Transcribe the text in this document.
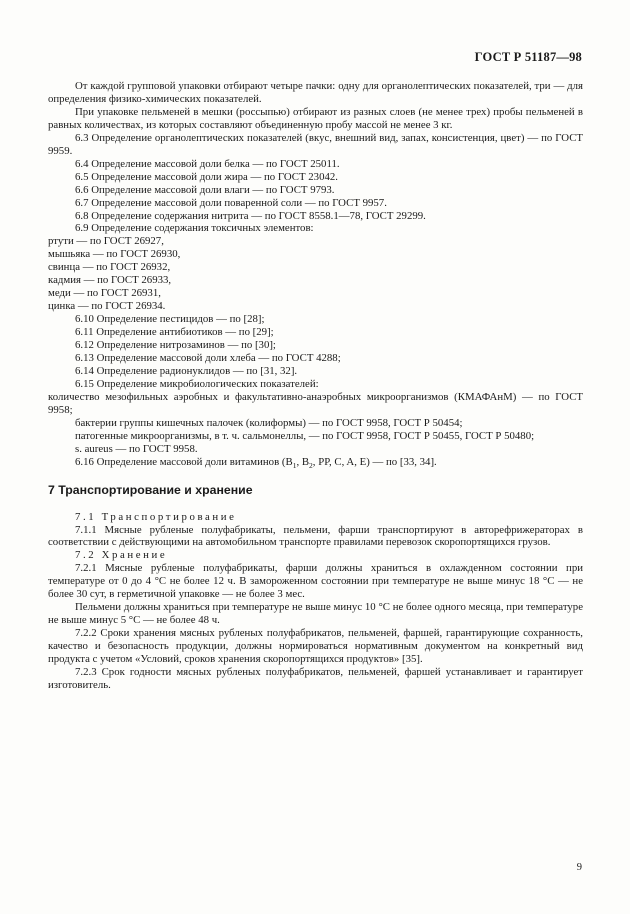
ГОСТ Р 51187—98

От каждой групповой упаковки отбирают четыре пачки: одну для органолептических показателей, три — для определения физико-химических показателей.

При упаковке пельменей в мешки (россыпью) отбирают из разных слоев (не менее трех) пробы пельменей в равных количествах, из которых составляют объединенную пробу массой не менее 3 кг.

6.3 Определение органолептических показателей (вкус, внешний вид, запах, консистенция, цвет) — по ГОСТ 9959.

6.4 Определение массовой доли белка — по ГОСТ 25011.

6.5 Определение массовой доли жира — по ГОСТ 23042.

6.6 Определение массовой доли влаги — по ГОСТ 9793.

6.7 Определение массовой доли поваренной соли — по ГОСТ 9957.

6.8 Определение содержания нитрита — по ГОСТ 8558.1—78, ГОСТ 29299.

6.9 Определение содержания токсичных элементов:

ртути — по ГОСТ 26927,

мышьяка — по ГОСТ 26930,

свинца — по ГОСТ 26932,

кадмия — по ГОСТ 26933,

меди — по ГОСТ 26931,

цинка — по ГОСТ 26934.

6.10 Определение пестицидов — по [28];

6.11 Определение антибиотиков — по [29];

6.12 Определение нитрозаминов — по [30];

6.13 Определение массовой доли хлеба — по ГОСТ 4288;

6.14 Определение радионуклидов — по [31, 32].

6.15 Определение микробиологических показателей:

количество мезофильных аэробных и факультативно-анаэробных микроорганизмов (КМАФАнМ) — по ГОСТ 9958;

бактерии группы кишечных палочек (колиформы) — по ГОСТ 9958, ГОСТ Р 50454;

патогенные микроорганизмы, в т. ч. сальмонеллы, — по ГОСТ 9958, ГОСТ Р 50455, ГОСТ Р 50480;

s. aureus — по ГОСТ 9958.

6.16 Определение массовой доли витаминов ($B_1$, $B_2$, PP, C, A, E) — по [33, 34].

7 Транспортирование и хранение

7.1 Транспортирование

7.1.1 Мясные рубленые полуфабрикаты, пельмени, фарши транспортируют в авторефрижераторах в соответствии с действующими на автомобильном транспорте правилами перевозок скоропортящихся грузов.

7.2 Хранение

7.2.1 Мясные рубленые полуфабрикаты, фарши должны храниться в охлажденном состоянии при температуре от 0 до 4 °С не более 12 ч. В замороженном состоянии при температуре не выше минус 18 °С — не более 30 сут, в герметичной упаковке — не более 3 мес.

Пельмени должны храниться при температуре не выше минус 10 °С не более одного месяца, при температуре не выше минус 5 °С — не более 48 ч.

7.2.2 Сроки хранения мясных рубленых полуфабрикатов, пельменей, фаршей, гарантирующие сохранность, качество и безопасность продукции, должны нормироваться нормативным документом на конкретный вид продукта с учетом «Условий, сроков хранения скоропортящихся продуктов» [35].

7.2.3 Срок годности мясных рубленых полуфабрикатов, пельменей, фаршей устанавливает и гарантирует изготовитель.

9
